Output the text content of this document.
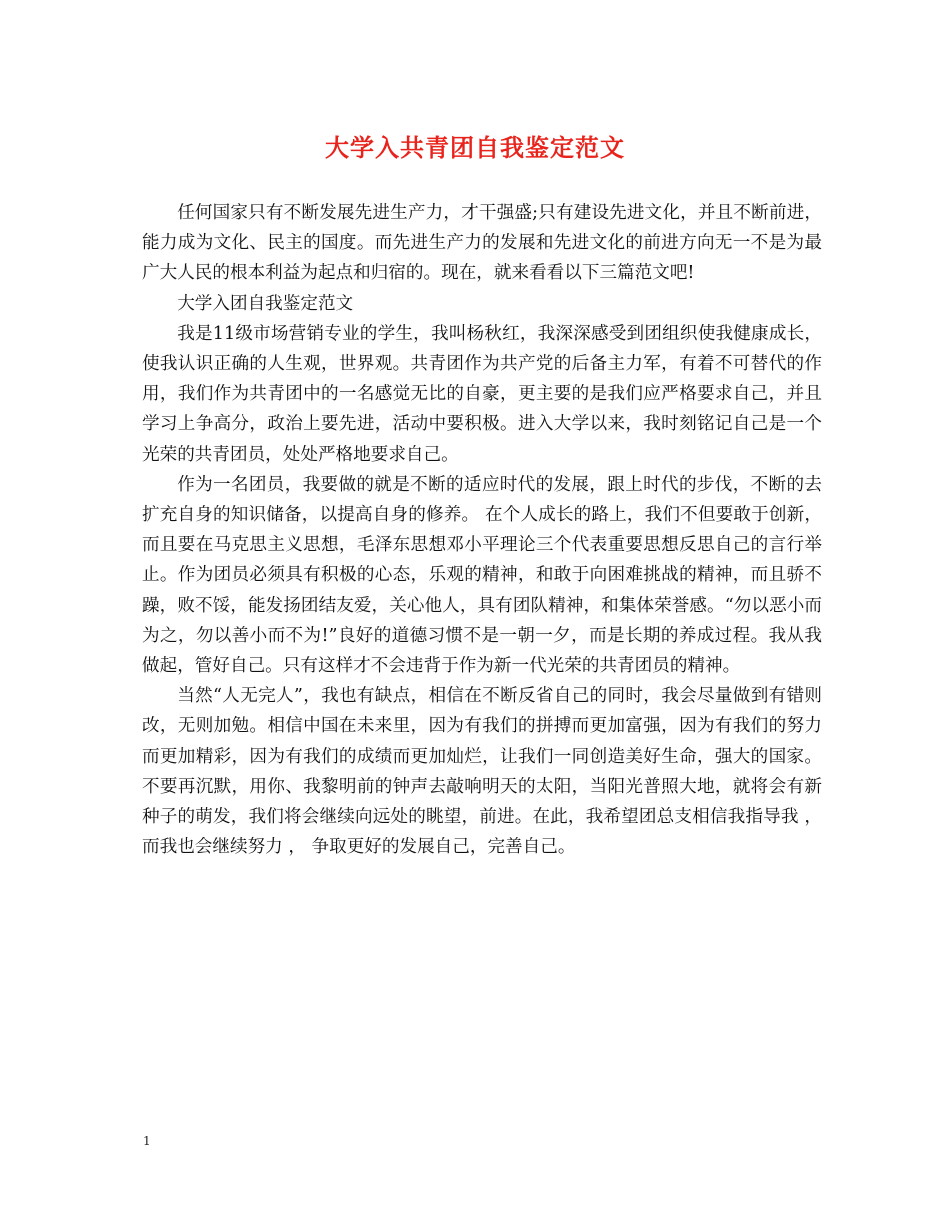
大学入共青团自我鉴定范文

任何国家只有不断发展先进生产力，才干强盛;只有建设先进文化，并且不断前进，能力成为文化、民主的国度。而先进生产力的发展和先进文化的前进方向无一不是为最广大人民的根本利益为起点和归宿的。现在，就来看看以下三篇范文吧!

大学入团自我鉴定范文

我是11级市场营销专业的学生，我叫杨秋红，我深深感受到团组织使我健康成长，使我认识正确的人生观，世界观。共青团作为共产党的后备主力军，有着不可替代的作用，我们作为共青团中的一名感觉无比的自豪，更主要的是我们应严格要求自己，并且学习上争高分，政治上要先进，活动中要积极。进入大学以来，我时刻铭记自己是一个光荣的共青团员，处处严格地要求自己。

作为一名团员，我要做的就是不断的适应时代的发展，跟上时代的步伐，不断的去扩充自身的知识储备，以提高自身的修养。 在个人成长的路上，我们不但要敢于创新，而且要在马克思主义思想，毛泽东思想邓小平理论三个代表重要思想反思自己的言行举止。作为团员必须具有积极的心态，乐观的精神，和敢于向困难挑战的精神，而且骄不躁，败不馁，能发扬团结友爱，关心他人，具有团队精神，和集体荣誉感。“勿以恶小而为之，勿以善小而不为!”良好的道德习惯不是一朝一夕，而是长期的养成过程。我从我做起，管好自己。只有这样才不会违背于作为新一代光荣的共青团员的精神。

当然“人无完人”，我也有缺点，相信在不断反省自己的同时，我会尽量做到有错则改，无则加勉。相信中国在未来里，因为有我们的拼搏而更加富强，因为有我们的努力而更加精彩，因为有我们的成绩而更加灿烂，让我们一同创造美好生命，强大的国家。不要再沉默，用你、我黎明前的钟声去敲响明天的太阳，当阳光普照大地，就将会有新种子的萌发，我们将会继续向远处的眺望，前进。在此，我希望团总支相信我指导我 ， 而我也会继续努力 ， 争取更好的发展自己，完善自己。

1
